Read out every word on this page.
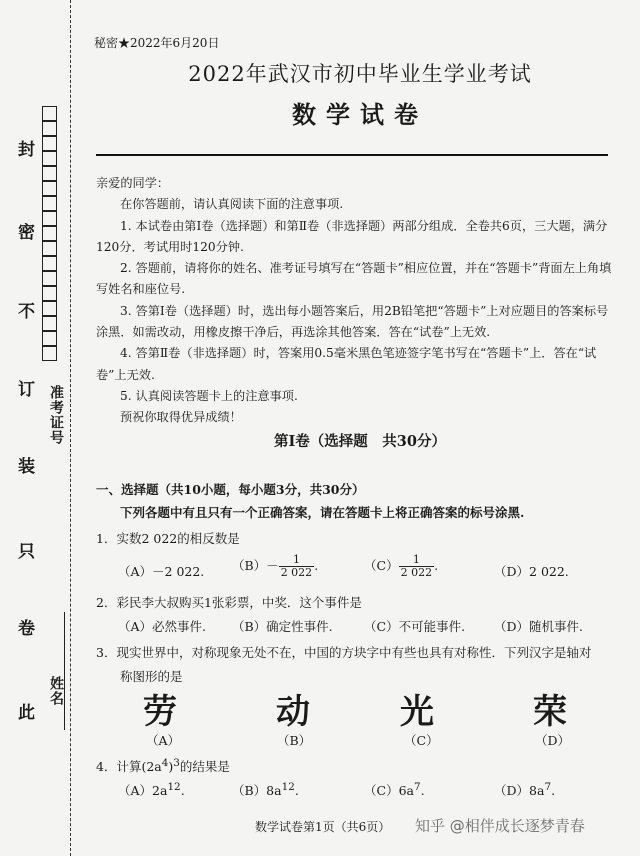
封
密
不
订
装
只
卷
此
准考证号
姓名
秘密★2022年6月20日
2022年武汉市初中毕业生学业考试
数学试卷

亲爱的同学：

在你答题前，请认真阅读下面的注意事项.

1. 本试卷由第Ⅰ卷（选择题）和第Ⅱ卷（非选择题）两部分组成．全卷共6页，三大题，满分120分．考试用时120分钟.

2. 答题前，请将你的姓名、准考证号填写在“答题卡”相应位置，并在“答题卡”背面左上角填写姓名和座位号.

3. 答第Ⅰ卷（选择题）时，选出每小题答案后，用2B铅笔把“答题卡”上对应题目的答案标号涂黑．如需改动，用橡皮擦干净后，再选涂其他答案．答在“试卷”上无效.

4. 答第Ⅱ卷（非选择题）时，答案用0.5毫米黑色笔迹签字笔书写在“答题卡”上．答在“试卷”上无效.

5. 认真阅读答题卡上的注意事项.

预祝你取得优异成绩！

第Ⅰ卷（选择题　共30分）
一、选择题（共10小题，每小题3分，共30分）
下列各题中有且只有一个正确答案，请在答题卡上将正确答案的标号涂黑.
1．实数2 022的相反数是
（A）－2 022. $(B)- \frac{1}{2 022}$ .	$(C) \frac{1}{2 022}$ .	（D）2 022.
2．彩民李大叔购买1张彩票，中奖．这个事件是
（A）必然事件. （B）确定性事件.	（C）不可能事件. （D）随机事件.
3．现实世界中，对称现象无处不在，中国的方块字中有些也具有对称性．下列汉字是轴对
称图形的是
劳	动	光	荣
（A）	（B）	（C）	（D）
4．计算$(2a^4)^3$的结果是
$(A)2a^{12}$.	$(B)8a^{12}$.	$(C)6a^7$.	$(D)8a^7$.
数学试卷第1页（共6页） 知乎 @相伴成长逐梦青春
